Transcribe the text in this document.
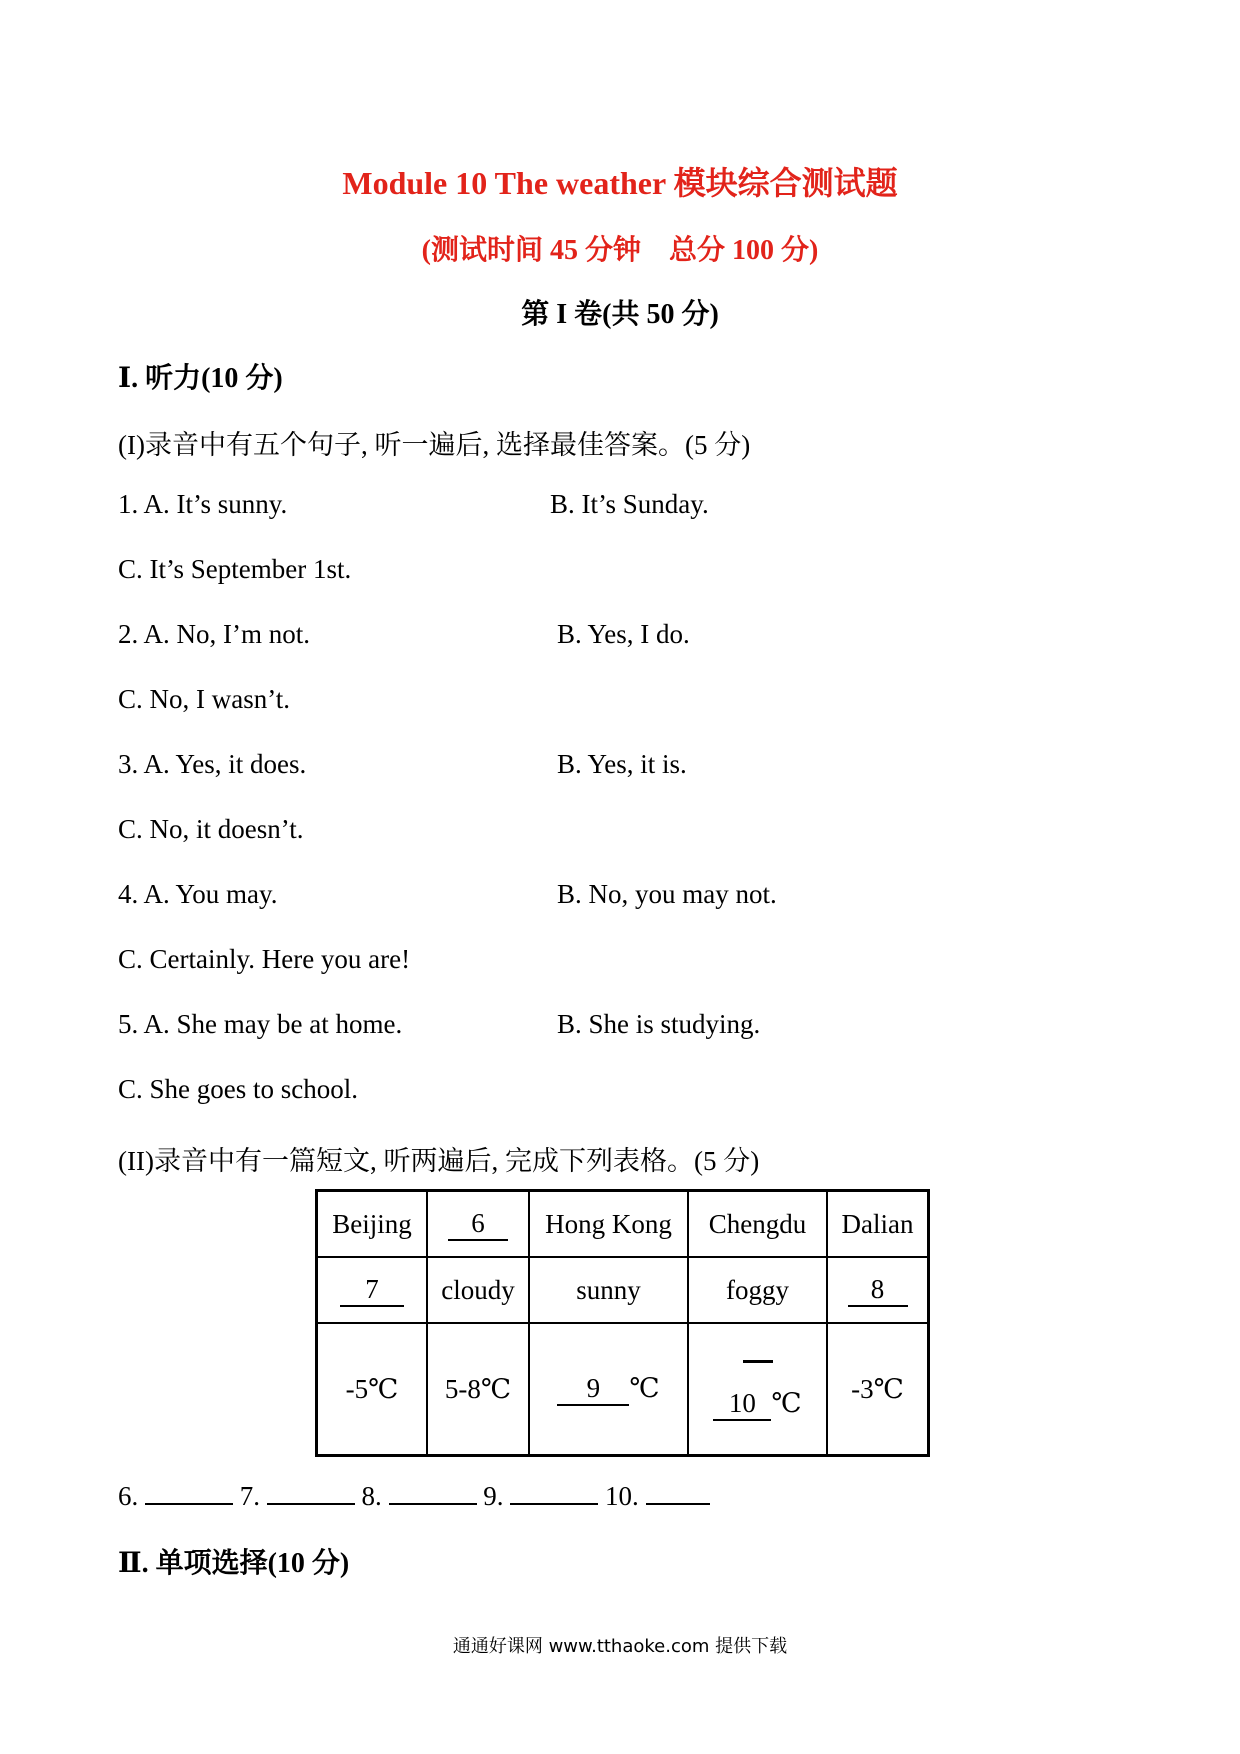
Module 10 The weather 模块综合测试题
(测试时间 45 分钟　总分 100 分)
第 I 卷(共 50 分)
Ⅰ. 听力(10 分)
(I)录音中有五个句子, 听一遍后, 选择最佳答案。(5 分)
1. A. It’s sunny.	B. It’s Sunday.
C. It’s September 1st.
2. A. No, I’m not.	B. Yes, I do.
C. No, I wasn’t.
3. A. Yes, it does.	B. Yes, it is.
C. No, it doesn’t.
4. A. You may.	B. No, you may not.
C. Certainly. Here you are!
5. A. She may be at home.	B. She is studying.
C. She goes to school.
(II)录音中有一篇短文, 听两遍后, 完成下列表格。(5 分)
Beijing	6	Hong Kong	Chengdu	Dalian
7	cloudy	sunny	foggy	8
-5℃	5-8℃	9 ℃	10 ℃	-3℃
6.	7.	8.	9.	10.
Ⅱ. 单项选择(10 分)
通通好课网 www.tthaoke.com 提供下载
